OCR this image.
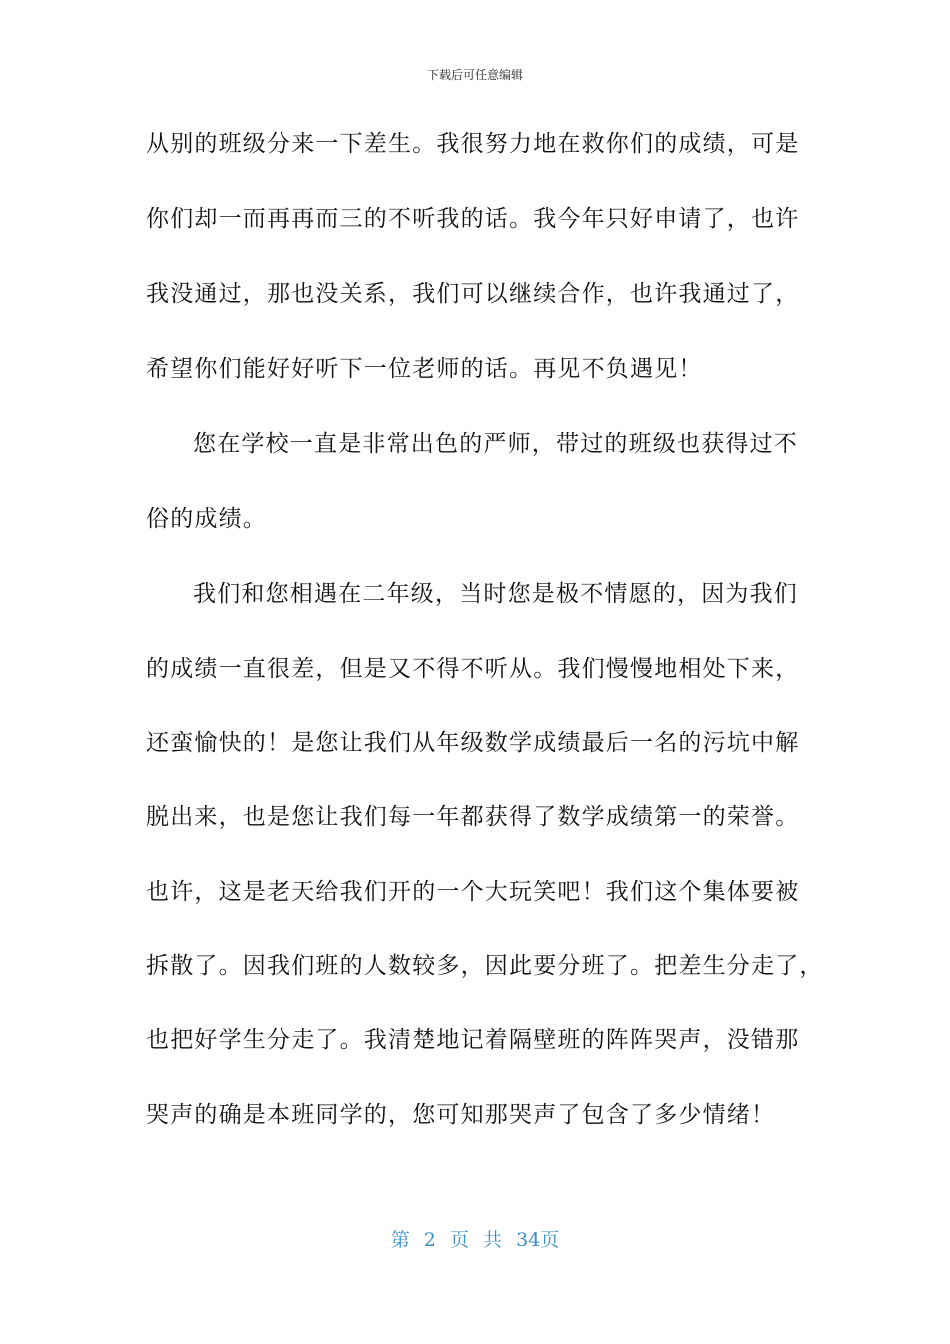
下载后可任意编辑
从别的班级分来一下差生。我很努力地在救你们的成绩，可是
你们却一而再再而三的不听我的话。我今年只好申请了，也许
我没通过，那也没关系，我们可以继续合作，也许我通过了，
希望你们能好好听下一位老师的话。再见不负遇见！
您在学校一直是非常出色的严师，带过的班级也获得过不
俗的成绩。
我们和您相遇在二年级，当时您是极不情愿的，因为我们
的成绩一直很差，但是又不得不听从。我们慢慢地相处下来，
还蛮愉快的！是您让我们从年级数学成绩最后一名的污坑中解
脱出来，也是您让我们每一年都获得了数学成绩第一的荣誉。
也许，这是老天给我们开的一个大玩笑吧！我们这个集体要被
拆散了。因我们班的人数较多，因此要分班了。把差生分走了，
也把好学生分走了。我清楚地记着隔壁班的阵阵哭声，没错那
哭声的确是本班同学的，您可知那哭声了包含了多少情绪！
第 2 页 共 34页
